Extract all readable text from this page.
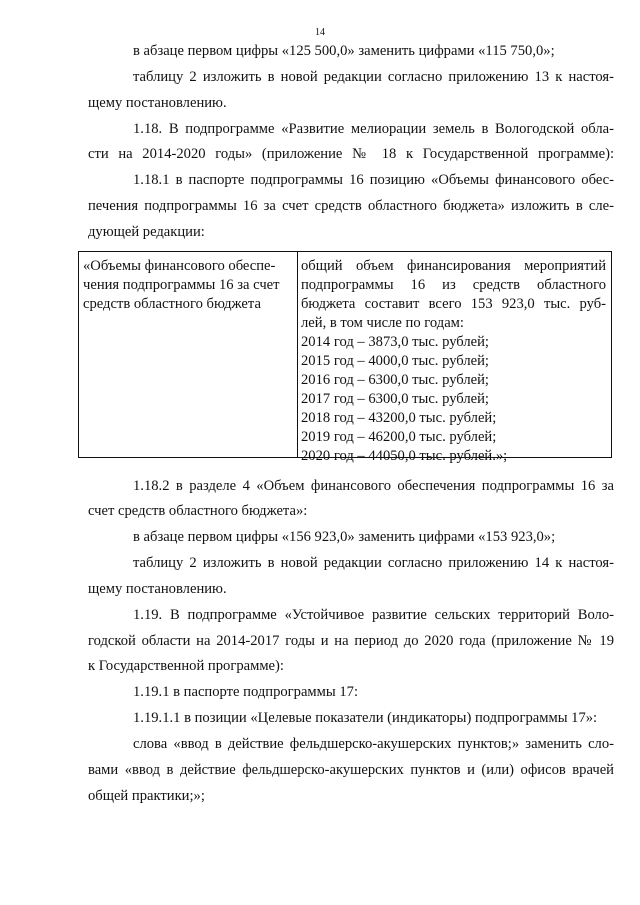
14
в абзаце первом цифры «125 500,0» заменить цифрами «115 750,0»;
таблицу 2 изложить в новой редакции согласно приложению 13 к настоя-
щему постановлению.
1.18. В подпрограмме «Развитие мелиорации земель в Вологодской обла-
сти на 2014-2020 годы» (приложение № 18 к Государственной программе):
1.18.1 в паспорте подпрограммы 16 позицию «Объемы финансового обес-
печения подпрограммы 16 за счет средств областного бюджета» изложить в сле-
дующей редакции:
«Объемы финансового обеспе-
чения подпрограммы 16 за счет
средств областного бюджета
общий объем финансирования мероприятий
подпрограммы 16 из средств областного
бюджета составит всего 153 923,0 тыс. руб-
лей, в том числе по годам:
2014 год – 3873,0 тыс. рублей;
2015 год – 4000,0 тыс. рублей;
2016 год – 6300,0 тыс. рублей;
2017 год – 6300,0 тыс. рублей;
2018 год – 43200,0 тыс. рублей;
2019 год – 46200,0 тыс. рублей;
2020 год – 44050,0 тыс. рублей.»;
1.18.2 в разделе 4 «Объем финансового обеспечения подпрограммы 16 за
счет средств областного бюджета»:
в абзаце первом цифры «156 923,0» заменить цифрами «153 923,0»;
таблицу 2 изложить в новой редакции согласно приложению 14 к настоя-
щему постановлению.
1.19. В подпрограмме «Устойчивое развитие сельских территорий Воло-
годской области на 2014-2017 годы и на период до 2020 года (приложение № 19
к Государственной программе):
1.19.1 в паспорте подпрограммы 17:
1.19.1.1 в позиции «Целевые показатели (индикаторы) подпрограммы 17»:
слова «ввод в действие фельдшерско-акушерских пунктов;» заменить сло-
вами «ввод в действие фельдшерско-акушерских пунктов и (или) офисов врачей
общей практики;»;
